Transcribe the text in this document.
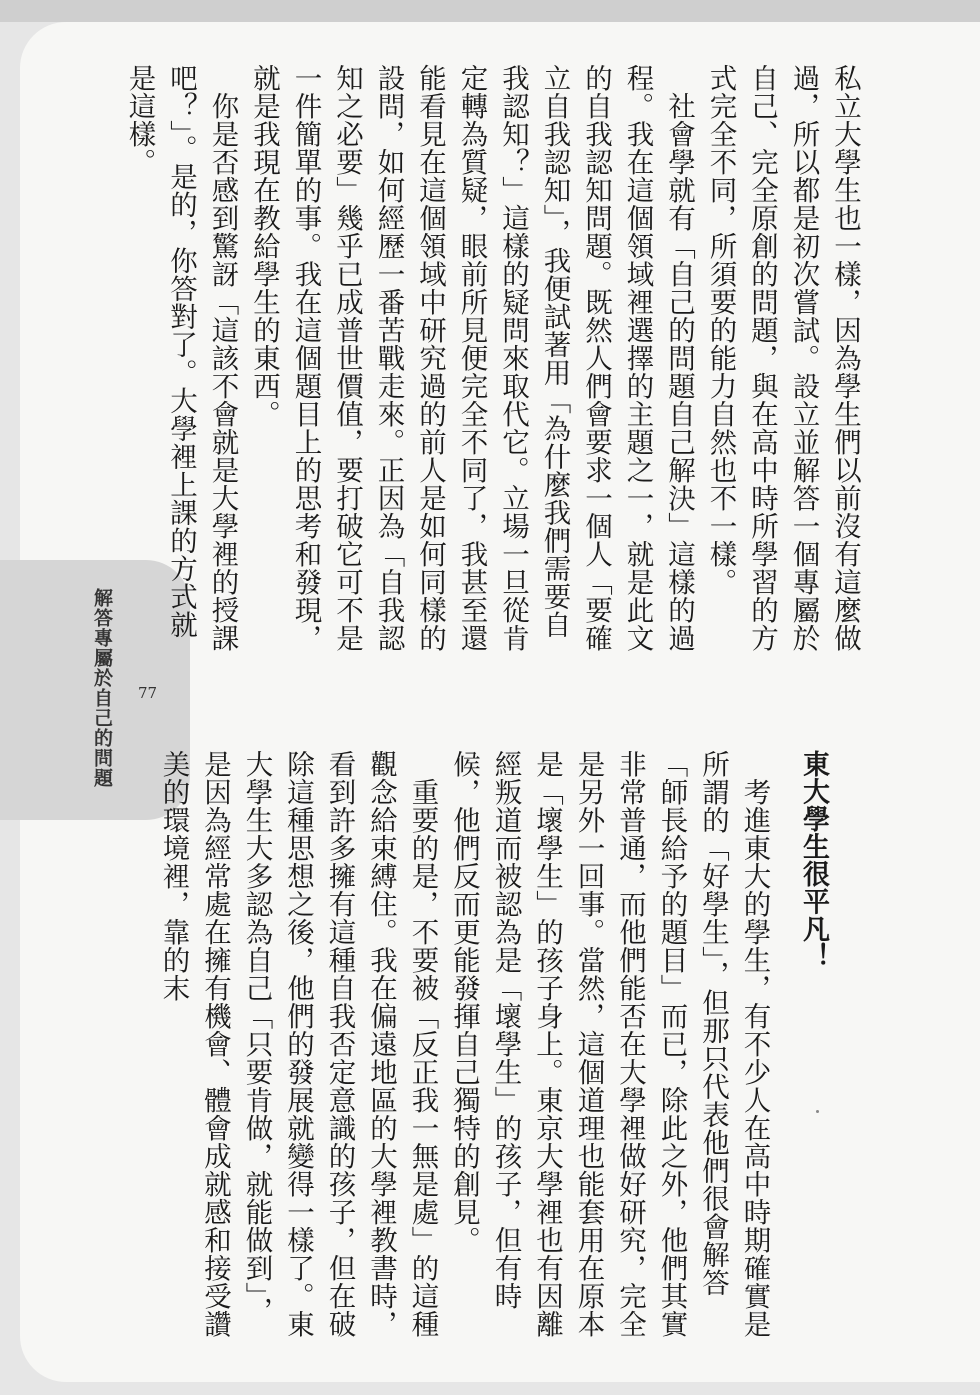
解答專屬於自己的問題 77

私立大學生也一樣，因為學生們以前沒有這麼做過，所以都是初次嘗試。設立並解答一個專屬於自己、完全原創的問題，與在高中時所學習的方式完全不同，所須要的能力自然也不一樣。

社會學就有「自己的問題自己解決」這樣的過程。我在這個領域裡選擇的主題之一，就是此文的自我認知問題。既然人們會要求一個人「要確立自我認知」，我便試著用「為什麼我們需要自我認知？」這樣的疑問來取代它。立場一旦從肯定轉為質疑，眼前所見便完全不同了，我甚至還能看見在這個領域中研究過的前人是如何同樣的設問，如何經歷一番苦戰走來。正因為「自我認知之必要」幾乎已成普世價值，要打破它可不是一件簡單的事。我在這個題目上的思考和發現，就是我現在教給學生的東西。

你是否感到驚訝「這該不會就是大學裡的授課吧？」。是的，你答對了。大學裡上課的方式就是這樣。

東大學生很平凡！

考進東大的學生，有不少人在高中時期確實是所謂的「好學生」，但那只代表他們很會解答「師長給予的題目」而已，除此之外，他們其實非常普通，而他們能否在大學裡做好研究，完全是另外一回事。當然，這個道理也能套用在原本是「壞學生」的孩子身上。東京大學裡也有因離經叛道而被認為是「壞學生」的孩子，但有時候，他們反而更能發揮自己獨特的創見。

重要的是，不要被「反正我一無是處」的這種觀念給束縛住。我在偏遠地區的大學裡教書時，看到許多擁有這種自我否定意識的孩子，但在破除這種思想之後，他們的發展就變得一樣了。東大學生大多認為自己「只要肯做，就能做到」，是因為經常處在擁有機會、體會成就感和接受讚美的環境裡，靠的末
